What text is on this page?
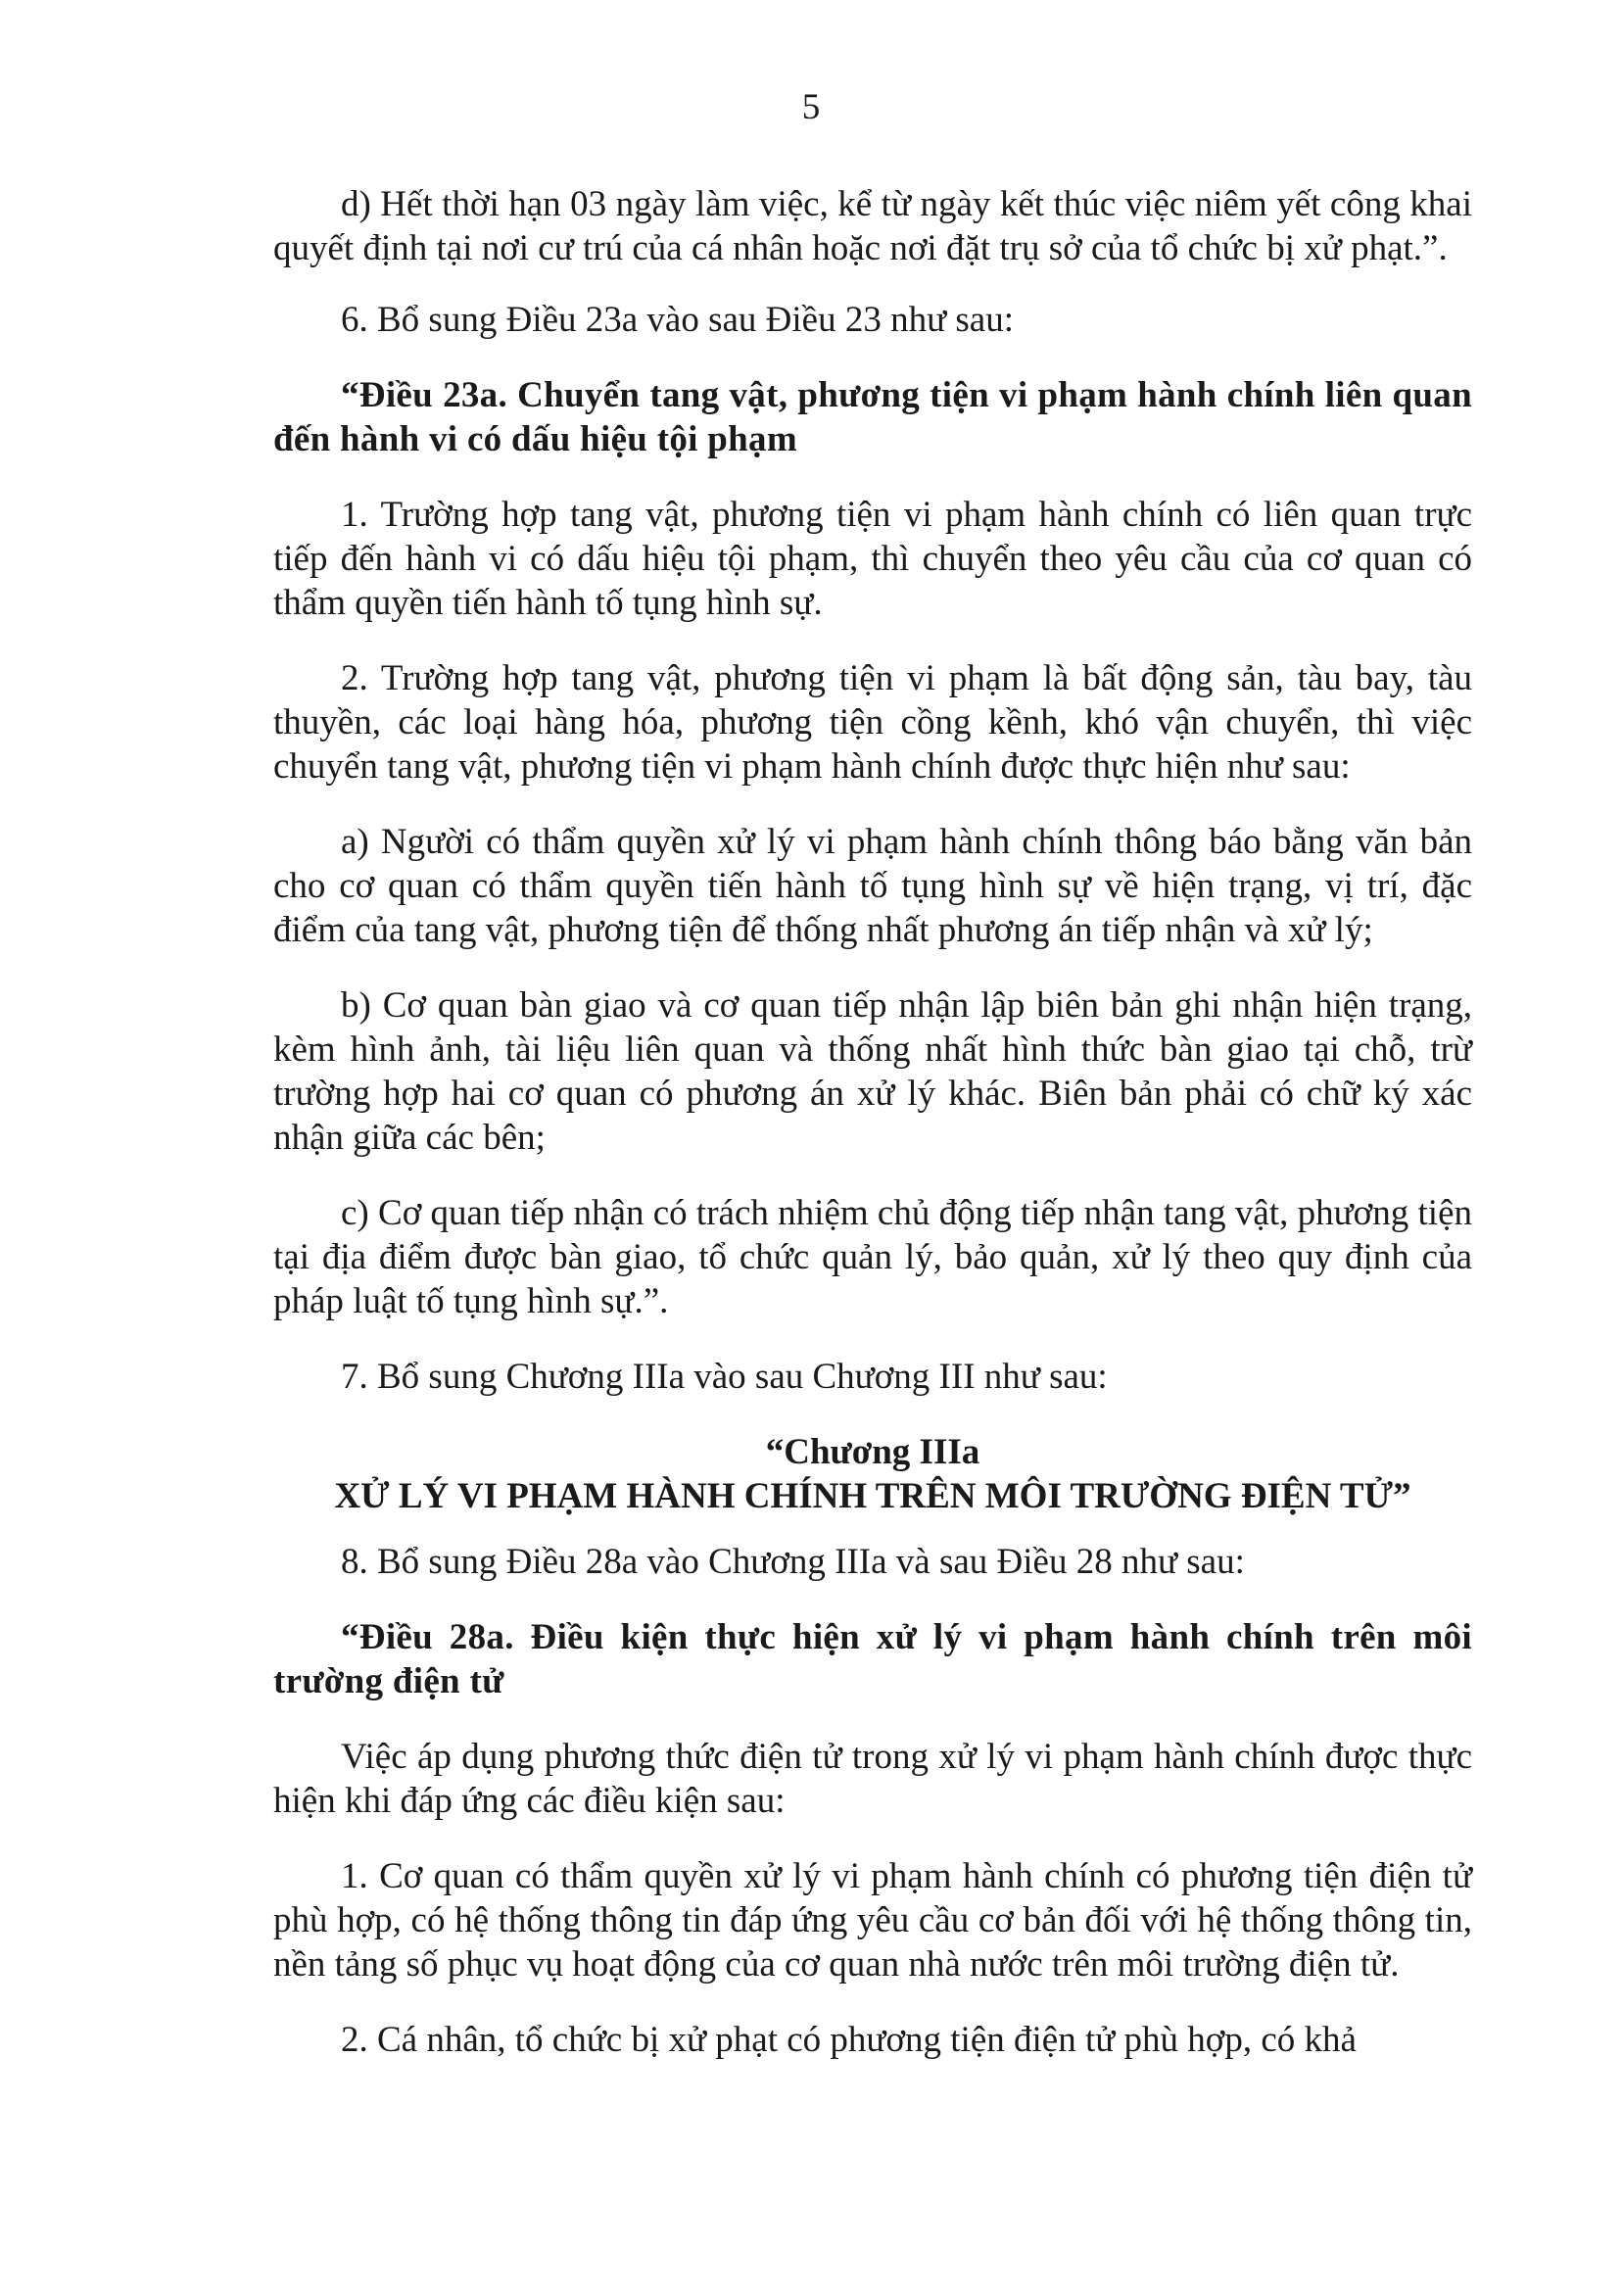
5

d) Hết thời hạn 03 ngày làm việc, kể từ ngày kết thúc việc niêm yết công khai quyết định tại nơi cư trú của cá nhân hoặc nơi đặt trụ sở của tổ chức bị xử phạt.”.

6. Bổ sung Điều 23a vào sau Điều 23 như sau:

“Điều 23a. Chuyển tang vật, phương tiện vi phạm hành chính liên quan đến hành vi có dấu hiệu tội phạm

1. Trường hợp tang vật, phương tiện vi phạm hành chính có liên quan trực tiếp đến hành vi có dấu hiệu tội phạm, thì chuyển theo yêu cầu của cơ quan có thẩm quyền tiến hành tố tụng hình sự.

2. Trường hợp tang vật, phương tiện vi phạm là bất động sản, tàu bay, tàu thuyền, các loại hàng hóa, phương tiện cồng kềnh, khó vận chuyển, thì việc chuyển tang vật, phương tiện vi phạm hành chính được thực hiện như sau:

a) Người có thẩm quyền xử lý vi phạm hành chính thông báo bằng văn bản cho cơ quan có thẩm quyền tiến hành tố tụng hình sự về hiện trạng, vị trí, đặc điểm của tang vật, phương tiện để thống nhất phương án tiếp nhận và xử lý;

b) Cơ quan bàn giao và cơ quan tiếp nhận lập biên bản ghi nhận hiện trạng, kèm hình ảnh, tài liệu liên quan và thống nhất hình thức bàn giao tại chỗ, trừ trường hợp hai cơ quan có phương án xử lý khác. Biên bản phải có chữ ký xác nhận giữa các bên;

c) Cơ quan tiếp nhận có trách nhiệm chủ động tiếp nhận tang vật, phương tiện tại địa điểm được bàn giao, tổ chức quản lý, bảo quản, xử lý theo quy định của pháp luật tố tụng hình sự.”.

7. Bổ sung Chương IIIa vào sau Chương III như sau:

“Chương IIIa
XỬ LÝ VI PHẠM HÀNH CHÍNH TRÊN MÔI TRƯỜNG ĐIỆN TỬ”

8. Bổ sung Điều 28a vào Chương IIIa và sau Điều 28 như sau:

“Điều 28a. Điều kiện thực hiện xử lý vi phạm hành chính trên môi trường điện tử

Việc áp dụng phương thức điện tử trong xử lý vi phạm hành chính được thực hiện khi đáp ứng các điều kiện sau:

1. Cơ quan có thẩm quyền xử lý vi phạm hành chính có phương tiện điện tử phù hợp, có hệ thống thông tin đáp ứng yêu cầu cơ bản đối với hệ thống thông tin, nền tảng số phục vụ hoạt động của cơ quan nhà nước trên môi trường điện tử.

2. Cá nhân, tổ chức bị xử phạt có phương tiện điện tử phù hợp, có khả
